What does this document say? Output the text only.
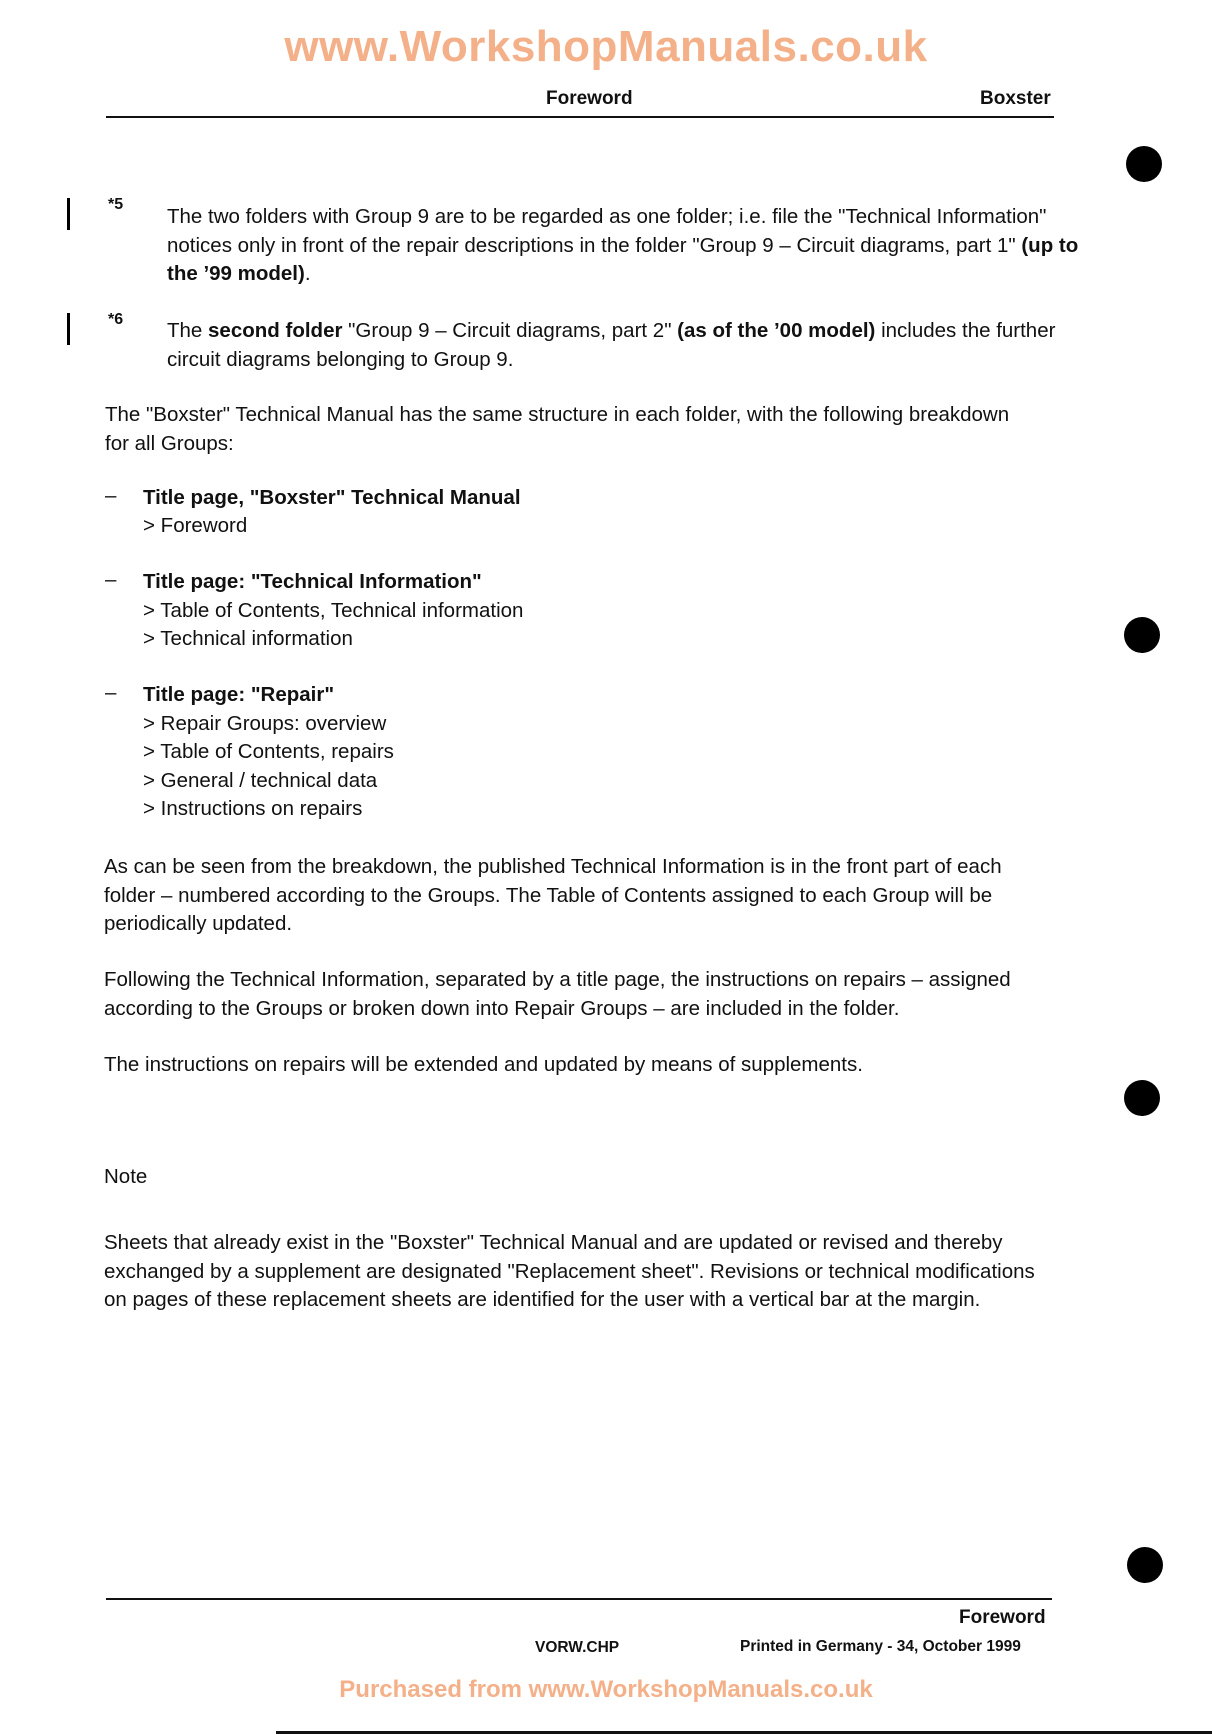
www.WorkshopManuals.co.uk
Foreword	Boxster
*5
The two folders with Group 9 are to be regarded as one folder; i.e. file the "Technical Information" notices only in front of the repair descriptions in the folder "Group 9 – Circuit diagrams, part 1" (up to the ’99 model).
*6 The second folder "Group 9 – Circuit diagrams, part 2" (as of the ’00 model) includes the further circuit diagrams belonging to Group 9.
The "Boxster" Technical Manual has the same structure in each folder, with the following breakdown for all Groups:
– Title page, "Boxster" Technical Manual
> Foreword
– Title page: "Technical Information"
> Table of Contents, Technical information
> Technical information
– Title page: "Repair"
> Repair Groups: overview
> Table of Contents, repairs
> General / technical data
> Instructions on repairs
As can be seen from the breakdown, the published Technical Information is in the front part of each folder – numbered according to the Groups. The Table of Contents assigned to each Group will be periodically updated.
Following the Technical Information, separated by a title page, the instructions on repairs – assigned according to the Groups or broken down into Repair Groups – are included in the folder.
The instructions on repairs will be extended and updated by means of supplements.
Note
Sheets that already exist in the "Boxster" Technical Manual and are updated or revised and thereby exchanged by a supplement are designated "Replacement sheet". Revisions or technical modifications on pages of these replacement sheets are identified for the user with a vertical bar at the margin.
Foreword
VORW.CHP	Printed in Germany - 34, October 1999
Purchased from www.WorkshopManuals.co.uk
